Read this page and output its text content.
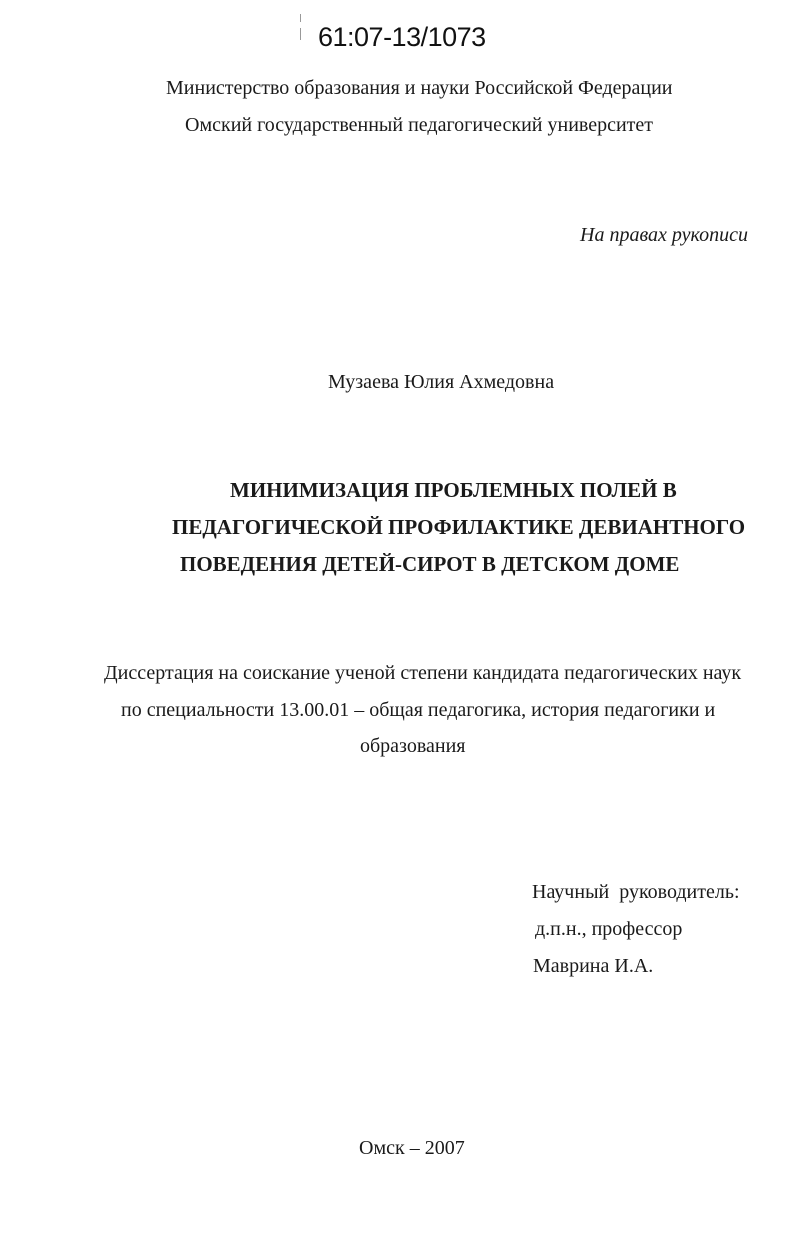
61:07-13/1073
Министерство образования и науки Российской Федерации
Омский государственный педагогический университет
На правах рукописи
Музаева Юлия Ахмедовна
МИНИМИЗАЦИЯ ПРОБЛЕМНЫХ ПОЛЕЙ В
ПЕДАГОГИЧЕСКОЙ ПРОФИЛАКТИКЕ ДЕВИАНТНОГО
ПОВЕДЕНИЯ ДЕТЕЙ-СИРОТ В ДЕТСКОМ ДОМЕ
Диссертация на соискание ученой степени кандидата педагогических наук
по специальности 13.00.01 – общая педагогика, история педагогики и
образования
Научный  руководитель:
д.п.н., профессор
Маврина И.А.
Омск – 2007
